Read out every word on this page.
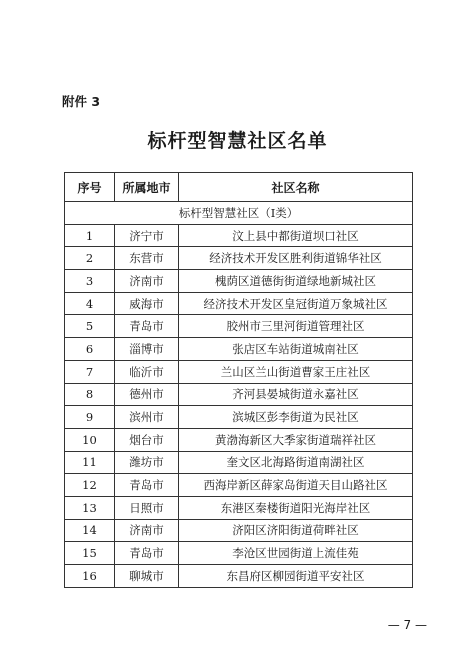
附件 3
标杆型智慧社区名单
序号	所属地市	社区名称
标杆型智慧社区（I类）		
1	济宁市	汶上县中都街道坝口社区
2	东营市	经济技术开发区胜利街道锦华社区
3	济南市	槐荫区道德街街道绿地新城社区
4	威海市	经济技术开发区皇冠街道万象城社区
5	青岛市	胶州市三里河街道管理社区
6	淄博市	张店区车站街道城南社区
7	临沂市	兰山区兰山街道曹家王庄社区
8	德州市	齐河县晏城街道永嘉社区
9	滨州市	滨城区彭李街道为民社区
10	烟台市	黄渤海新区大季家街道瑞祥社区
11	潍坊市	奎文区北海路街道南湖社区
12	青岛市	西海岸新区薛家岛街道天目山路社区
13	日照市	东港区秦楼街道阳光海岸社区
14	济南市	济阳区济阳街道荷畔社区
15	青岛市	李沧区世园街道上流佳苑
16	聊城市	东昌府区柳园街道平安社区
— 7 —
